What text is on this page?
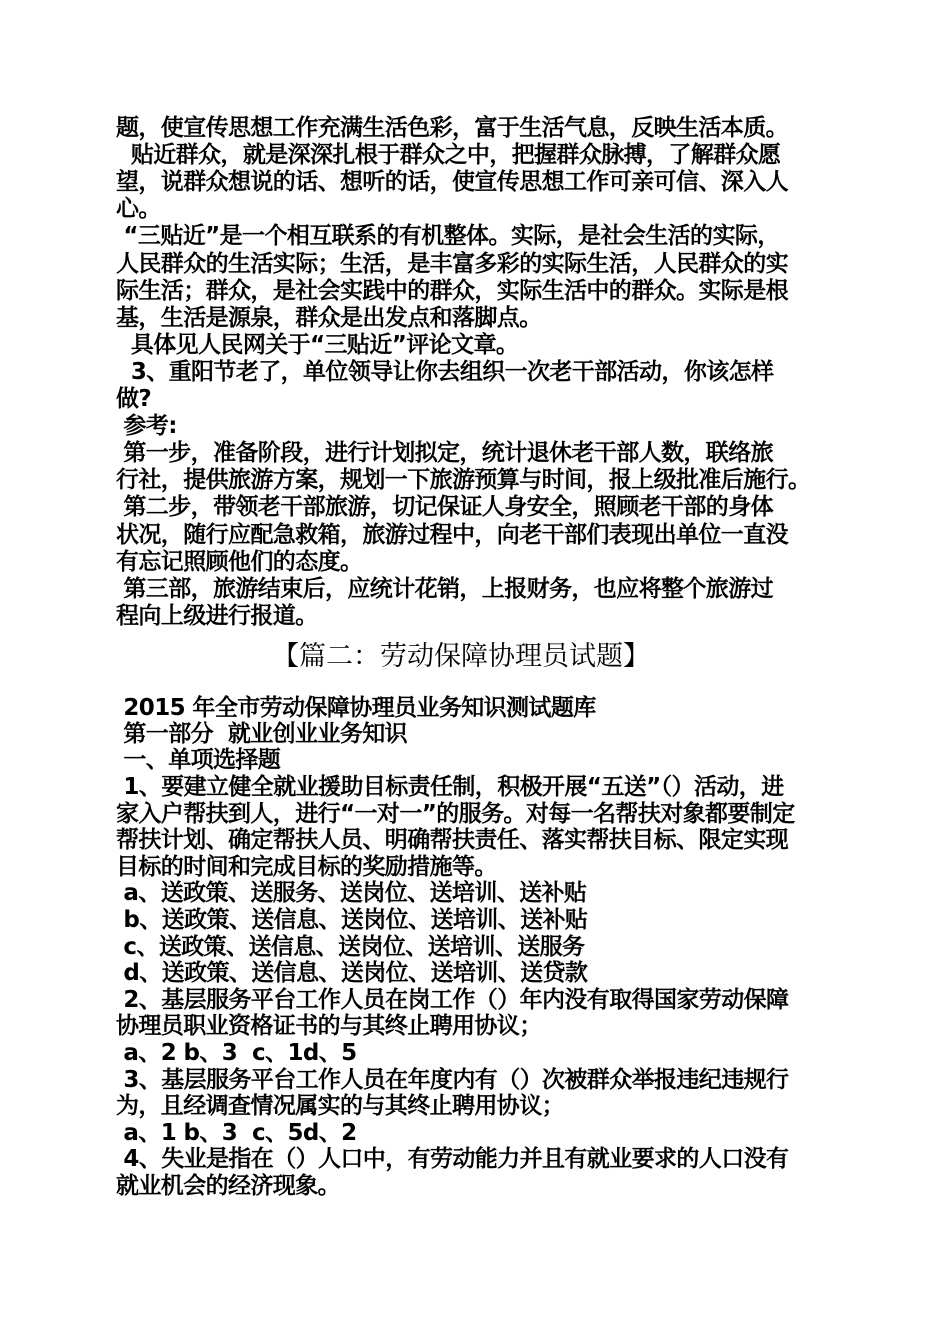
题，使宣传思想工作充满生活色彩，富于生活气息，反映生活本质。
贴近群众，就是深深扎根于群众之中，把握群众脉搏，了解群众愿
望，说群众想说的话、想听的话，使宣传思想工作可亲可信、深入人
心。
“三贴近”是一个相互联系的有机整体。实际，是社会生活的实际，
人民群众的生活实际；生活，是丰富多彩的实际生活，人民群众的实
际生活；群众，是社会实践中的群众，实际生活中的群众。实际是根
基，生活是源泉，群众是出发点和落脚点。
具体见人民网关于“三贴近”评论文章。
3、重阳节老了，单位领导让你去组织一次老干部活动，你该怎样
做?
参考:
第一步，准备阶段，进行计划拟定，统计退休老干部人数，联络旅
行社，提供旅游方案，规划一下旅游预算与时间，报上级批准后施行。
第二步，带领老干部旅游，切记保证人身安全，照顾老干部的身体
状况，随行应配急救箱，旅游过程中，向老干部们表现出单位一直没
有忘记照顾他们的态度。
第三部，旅游结束后，应统计花销，上报财务，也应将整个旅游过
程向上级进行报道。
【篇二：劳动保障协理员试题】
2015 年全市劳动保障协理员业务知识测试题库
第一部分  就业创业业务知识
一、单项选择题
1、要建立健全就业援助目标责任制，积极开展“五送”（）活动，进
家入户帮扶到人，进行“一对一”的服务。对每一名帮扶对象都要制定
帮扶计划、确定帮扶人员、明确帮扶责任、落实帮扶目标、限定实现
目标的时间和完成目标的奖励措施等。
a、送政策、送服务、送岗位、送培训、送补贴
b、送政策、送信息、送岗位、送培训、送补贴
c、送政策、送信息、送岗位、送培训、送服务
d、送政策、送信息、送岗位、送培训、送贷款
2、基层服务平台工作人员在岗工作（）年内没有取得国家劳动保障
协理员职业资格证书的与其终止聘用协议；
a、2 b、3  c、1d、5
3、基层服务平台工作人员在年度内有（）次被群众举报违纪违规行
为，且经调查情况属实的与其终止聘用协议；
a、1 b、3  c、5d、2
4、失业是指在（）人口中，有劳动能力并且有就业要求的人口没有
就业机会的经济现象。
